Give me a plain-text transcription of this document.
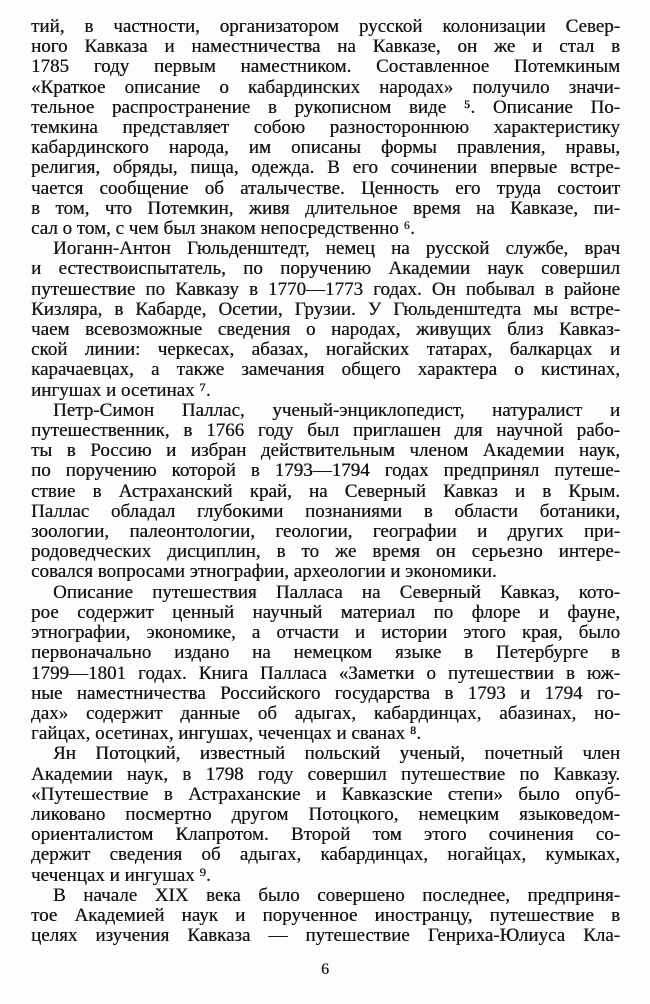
тий, в частности, организатором русской колонизации Север-
ного Кавказа и наместничества на Кавказе, он же и стал в
1785 году первым наместником. Составленное Потемкиным
«Краткое описание о кабардинских народах» получило значи-
тельное распространение в рукописном виде ⁵. Описание По-
темкина представляет собою разностороннюю характеристику
кабардинского народа, им описаны формы правления, нравы,
религия, обряды, пища, одежда. В его сочинении впервые встре-
чается сообщение об аталычестве. Ценность его труда состоит
в том, что Потемкин, живя длительное время на Кавказе, пи-
сал о том, с чем был знаком непосредственно ⁶.
Иоганн-Антон Гюльденштедт, немец на русской службе, врач
и естествоиспытатель, по поручению Академии наук совершил
путешествие по Кавказу в 1770—1773 годах. Он побывал в районе
Кизляра, в Кабарде, Осетии, Грузии. У Гюльденштедта мы встре-
чаем всевозможные сведения о народах, живущих близ Кавказ-
ской линии: черкесах, абазах, ногайских татарах, балкарцах и
карачаевцах, а также замечания общего характера о кистинах,
ингушах и осетинах ⁷.
Петр-Симон Паллас, ученый-энциклопедист, натуралист и
путешественник, в 1766 году был приглашен для научной рабо-
ты в Россию и избран действительным членом Академии наук,
по поручению которой в 1793—1794 годах предпринял путеше-
ствие в Астраханский край, на Северный Кавказ и в Крым.
Паллас обладал глубокими познаниями в области ботаники,
зоологии, палеонтологии, геологии, географии и других при-
родоведческих дисциплин, в то же время он серьезно интере-
совался вопросами этнографии, археологии и экономики.
Описание путешествия Палласа на Северный Кавказ, кото-
рое содержит ценный научный материал по флоре и фауне,
этнографии, экономике, а отчасти и истории этого края, было
первоначально издано на немецком языке в Петербурге в
1799—1801 годах. Книга Палласа «Заметки о путешествии в юж-
ные наместничества Российского государства в 1793 и 1794 го-
дах» содержит данные об адыгах, кабардинцах, абазинах, но-
гайцах, осетинах, ингушах, чеченцах и сванах ⁸.
Ян Потоцкий, известный польский ученый, почетный член
Академии наук, в 1798 году совершил путешествие по Кавказу.
«Путешествие в Астраханские и Кавказские степи» было опуб-
ликовано посмертно другом Потоцкого, немецким языковедом-
ориенталистом Клапротом. Второй том этого сочинения со-
держит сведения об адыгах, кабардинцах, ногайцах, кумыках,
чеченцах и ингушах ⁹.
В начале XIX века было совершено последнее, предприня-
тое Академией наук и порученное иностранцу, путешествие в
целях изучения Кавказа — путешествие Генриха-Юлиуса Кла-
6
